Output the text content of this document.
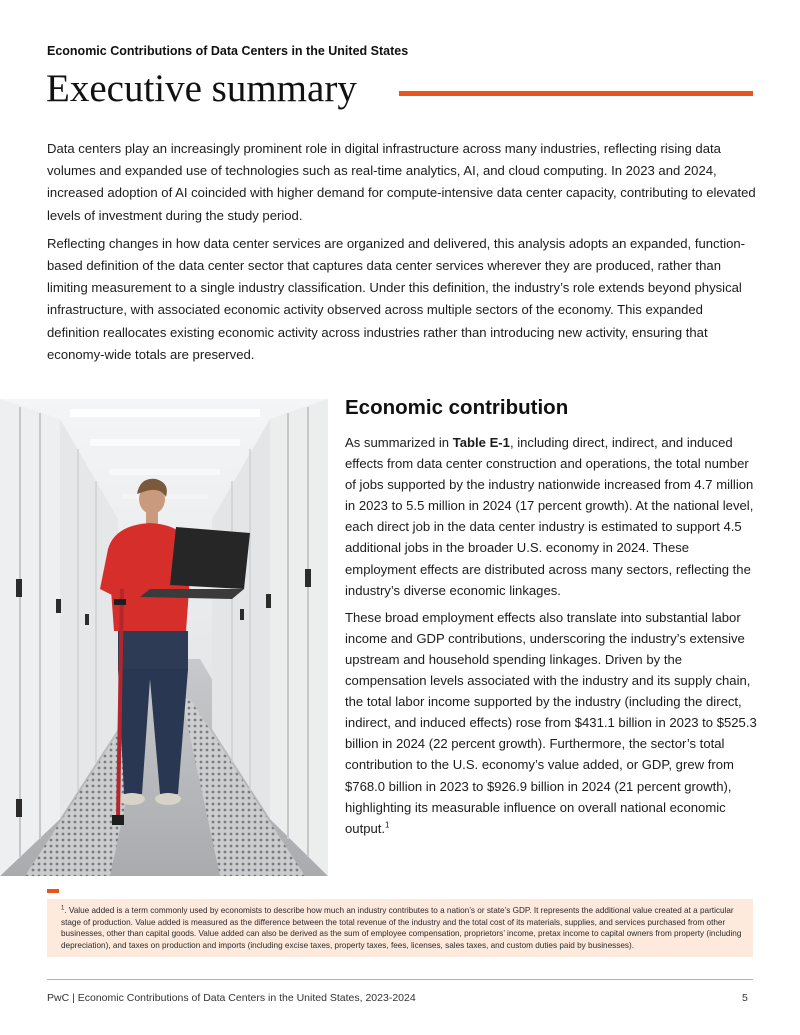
Economic Contributions of Data Centers in the United States
Executive summary

Data centers play an increasingly prominent role in digital infrastructure across many industries, reflecting rising data volumes and expanded use of technologies such as real-time analytics, AI, and cloud computing. In 2023 and 2024, increased adoption of AI coincided with higher demand for compute-intensive data center capacity, contributing to elevated levels of investment during the study period.

Reflecting changes in how data center services are organized and delivered, this analysis adopts an expanded, function-based definition of the data center sector that captures data center services wherever they are produced, rather than limiting measurement to a single industry classification. Under this definition, the industry’s role extends beyond physical infrastructure, with associated economic activity observed across multiple sectors of the economy. This expanded definition reallocates existing economic activity across industries rather than introducing new activity, ensuring that economy-wide totals are preserved.

Economic contribution

As summarized in Table E-1, including direct, indirect, and induced effects from data center construction and operations, the total number of jobs supported by the industry nationwide increased from 4.7 million in 2023 to 5.5 million in 2024 (17 percent growth). At the national level, each direct job in the data center industry is estimated to support 4.5 additional jobs in the broader U.S. economy in 2024. These employment effects are distributed across many sectors, reflecting the industry’s diverse economic linkages.

These broad employment effects also translate into substantial labor income and GDP contributions, underscoring the industry’s extensive upstream and household spending linkages. Driven by the compensation levels associated with the industry and its supply chain, the total labor income supported by the industry (including the direct, indirect, and induced effects) rose from $431.1 billion in 2023 to $525.3 billion in 2024 (22 percent growth). Furthermore, the sector’s total contribution to the U.S. economy’s value added, or GDP, grew from $768.0 billion in 2023 to $926.9 billion in 2024 (21 percent growth), highlighting its measurable influence on overall national economic output.$^1$

$^1$. Value added is a term commonly used by economists to describe how much an industry contributes to a nation’s or state’s GDP. It represents the additional value created at a particular stage of production. Value added is measured as the difference between the total revenue of the industry and the total cost of its materials, supplies, and services purchased from other businesses, other than capital goods. Value added can also be derived as the sum of employee compensation, proprietors’ income, pretax income to capital owners from property (including depreciation), and taxes on production and imports (including excise taxes, property taxes, fees, licenses, sales taxes, and custom duties paid by businesses).
PwC | Economic Contributions of Data Centers in the United States, 2023-2024	5
